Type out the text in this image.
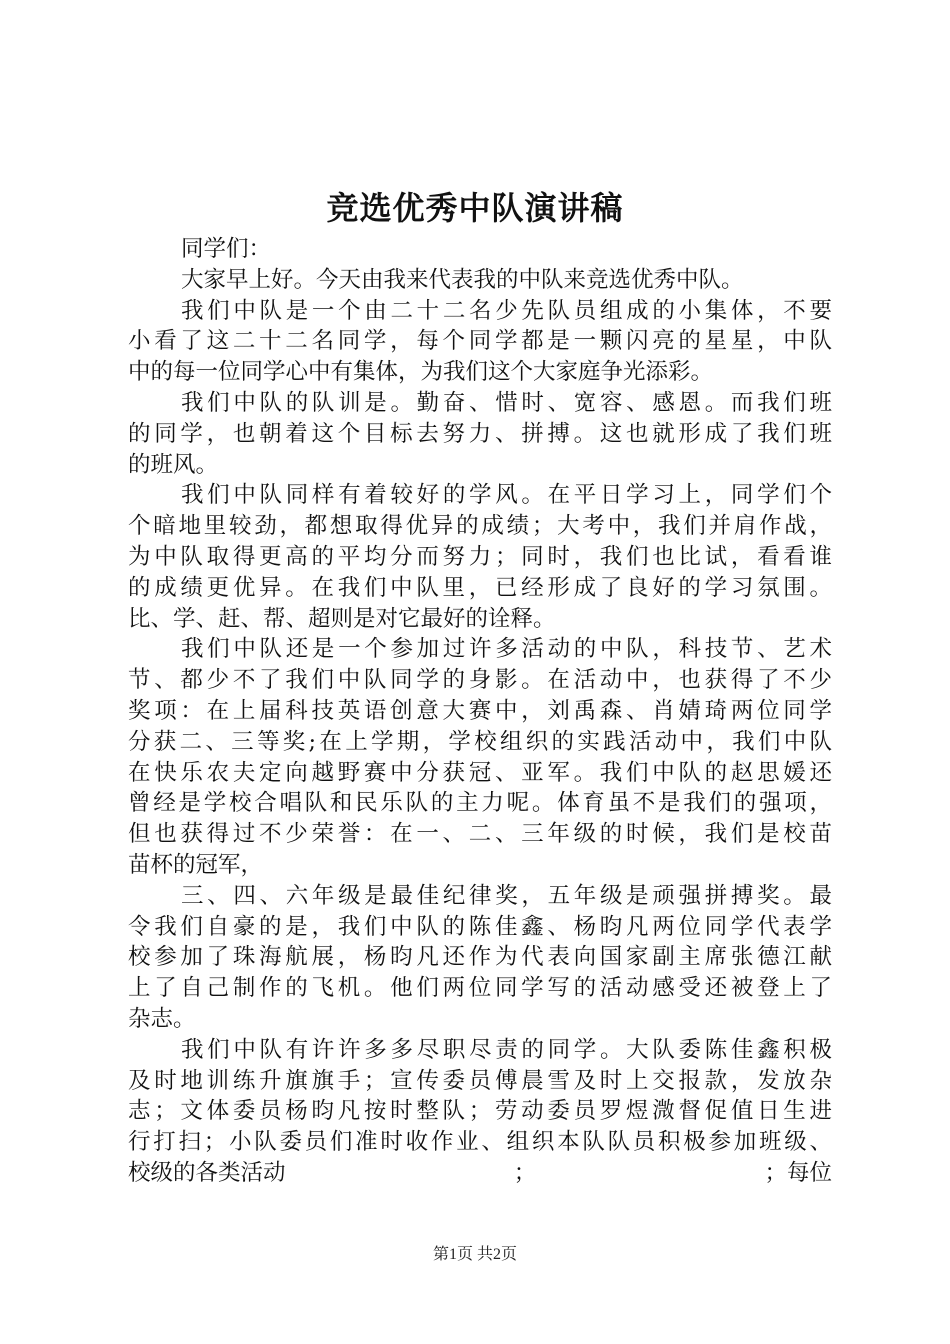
竞选优秀中队演讲稿
同学们：
大家早上好。今天由我来代表我的中队来竞选优秀中队。
我们中队是一个由二十二名少先队员组成的小集体，不要
小看了这二十二名同学，每个同学都是一颗闪亮的星星，中队
中的每一位同学心中有集体，为我们这个大家庭争光添彩。
我们中队的队训是。勤奋、惜时、宽容、感恩。而我们班
的同学，也朝着这个目标去努力、拼搏。这也就形成了我们班
的班风。
我们中队同样有着较好的学风。在平日学习上，同学们个
个暗地里较劲，都想取得优异的成绩；大考中，我们并肩作战，
为中队取得更高的平均分而努力；同时，我们也比试，看看谁
的成绩更优异。在我们中队里，已经形成了良好的学习氛围。
比、学、赶、帮、超则是对它最好的诠释。
我们中队还是一个参加过许多活动的中队，科技节、艺术
节、都少不了我们中队同学的身影。在活动中，也获得了不少
奖项：在上届科技英语创意大赛中，刘禹森、肖婧琦两位同学
分获二、三等奖;在上学期，学校组织的实践活动中，我们中队
在快乐农夫定向越野赛中分获冠、亚军。我们中队的赵思媛还
曾经是学校合唱队和民乐队的主力呢。体育虽不是我们的强项，
但也获得过不少荣誉：在一、二、三年级的时候，我们是校苗
苗杯的冠军，
三、四、六年级是最佳纪律奖，五年级是顽强拼搏奖。最
令我们自豪的是，我们中队的陈佳鑫、杨昀凡两位同学代表学
校参加了珠海航展，杨昀凡还作为代表向国家副主席张德江献
上了自己制作的飞机。他们两位同学写的活动感受还被登上了
杂志。
我们中队有许许多多尽职尽责的同学。大队委陈佳鑫积极
及时地训练升旗旗手；宣传委员傅晨雪及时上交报款，发放杂
志；文体委员杨昀凡按时整队；劳动委员罗煜溦督促值日生进
行打扫；小队委员们准时收作业、组织本队队员积极参加班级、
校级的各类活动	；	；每位
第1页 共2页
